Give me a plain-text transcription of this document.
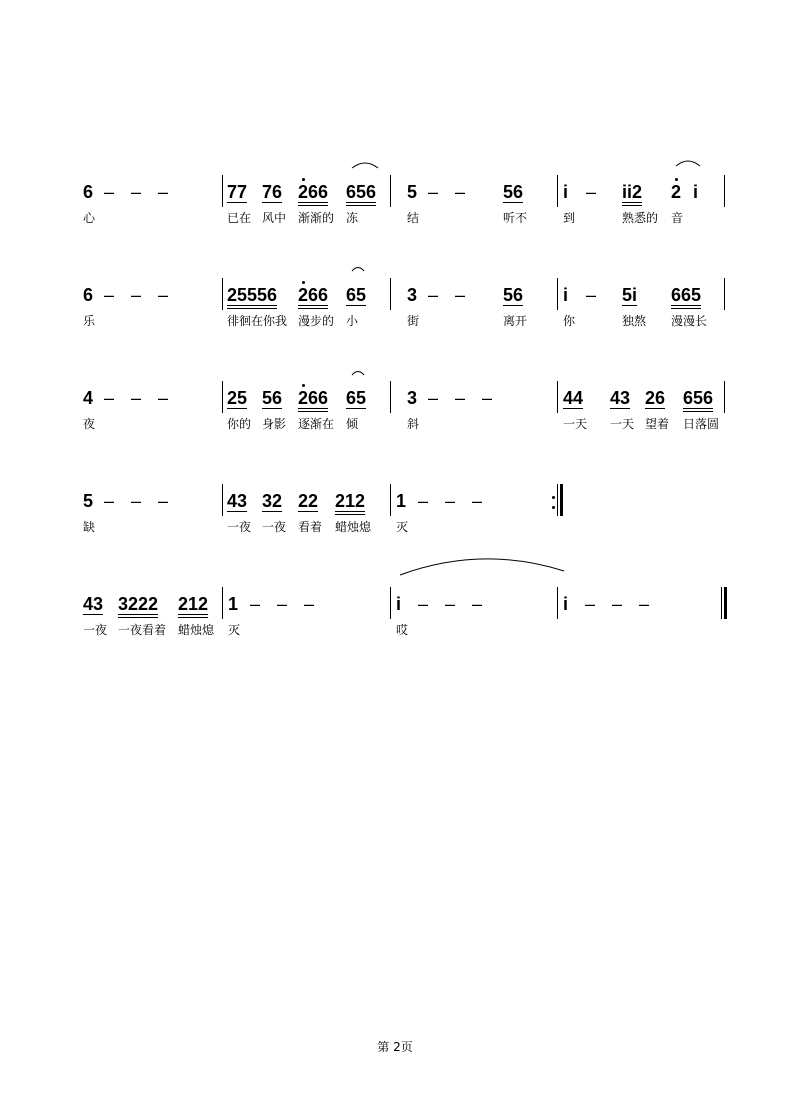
6 – – –	77 76 266 656 5 – – 56 i – ii2 2 i
心	已在 风中 渐渐的 冻	结	听不	到	熟悉的 音
6 – – –	25556 266 65 3 – – 56 i – 5i 665
乐	徘徊在你我 漫步的 小	街	离开	你	独熬 漫漫长
4 – – –	25 56 266 65 3 – – –	44 43 26 656
夜	你的 身影 逐渐在 倾	斜	一天 一天 望着 日落圆
5 – – –	43 32 22 212 1 – – –
缺	一夜 一夜 看着 蜡烛熄 灭
43 3222 212 1 – – –	i – – –	i – – –
一夜 一夜看着 蜡烛熄 灭	哎
第 2页
